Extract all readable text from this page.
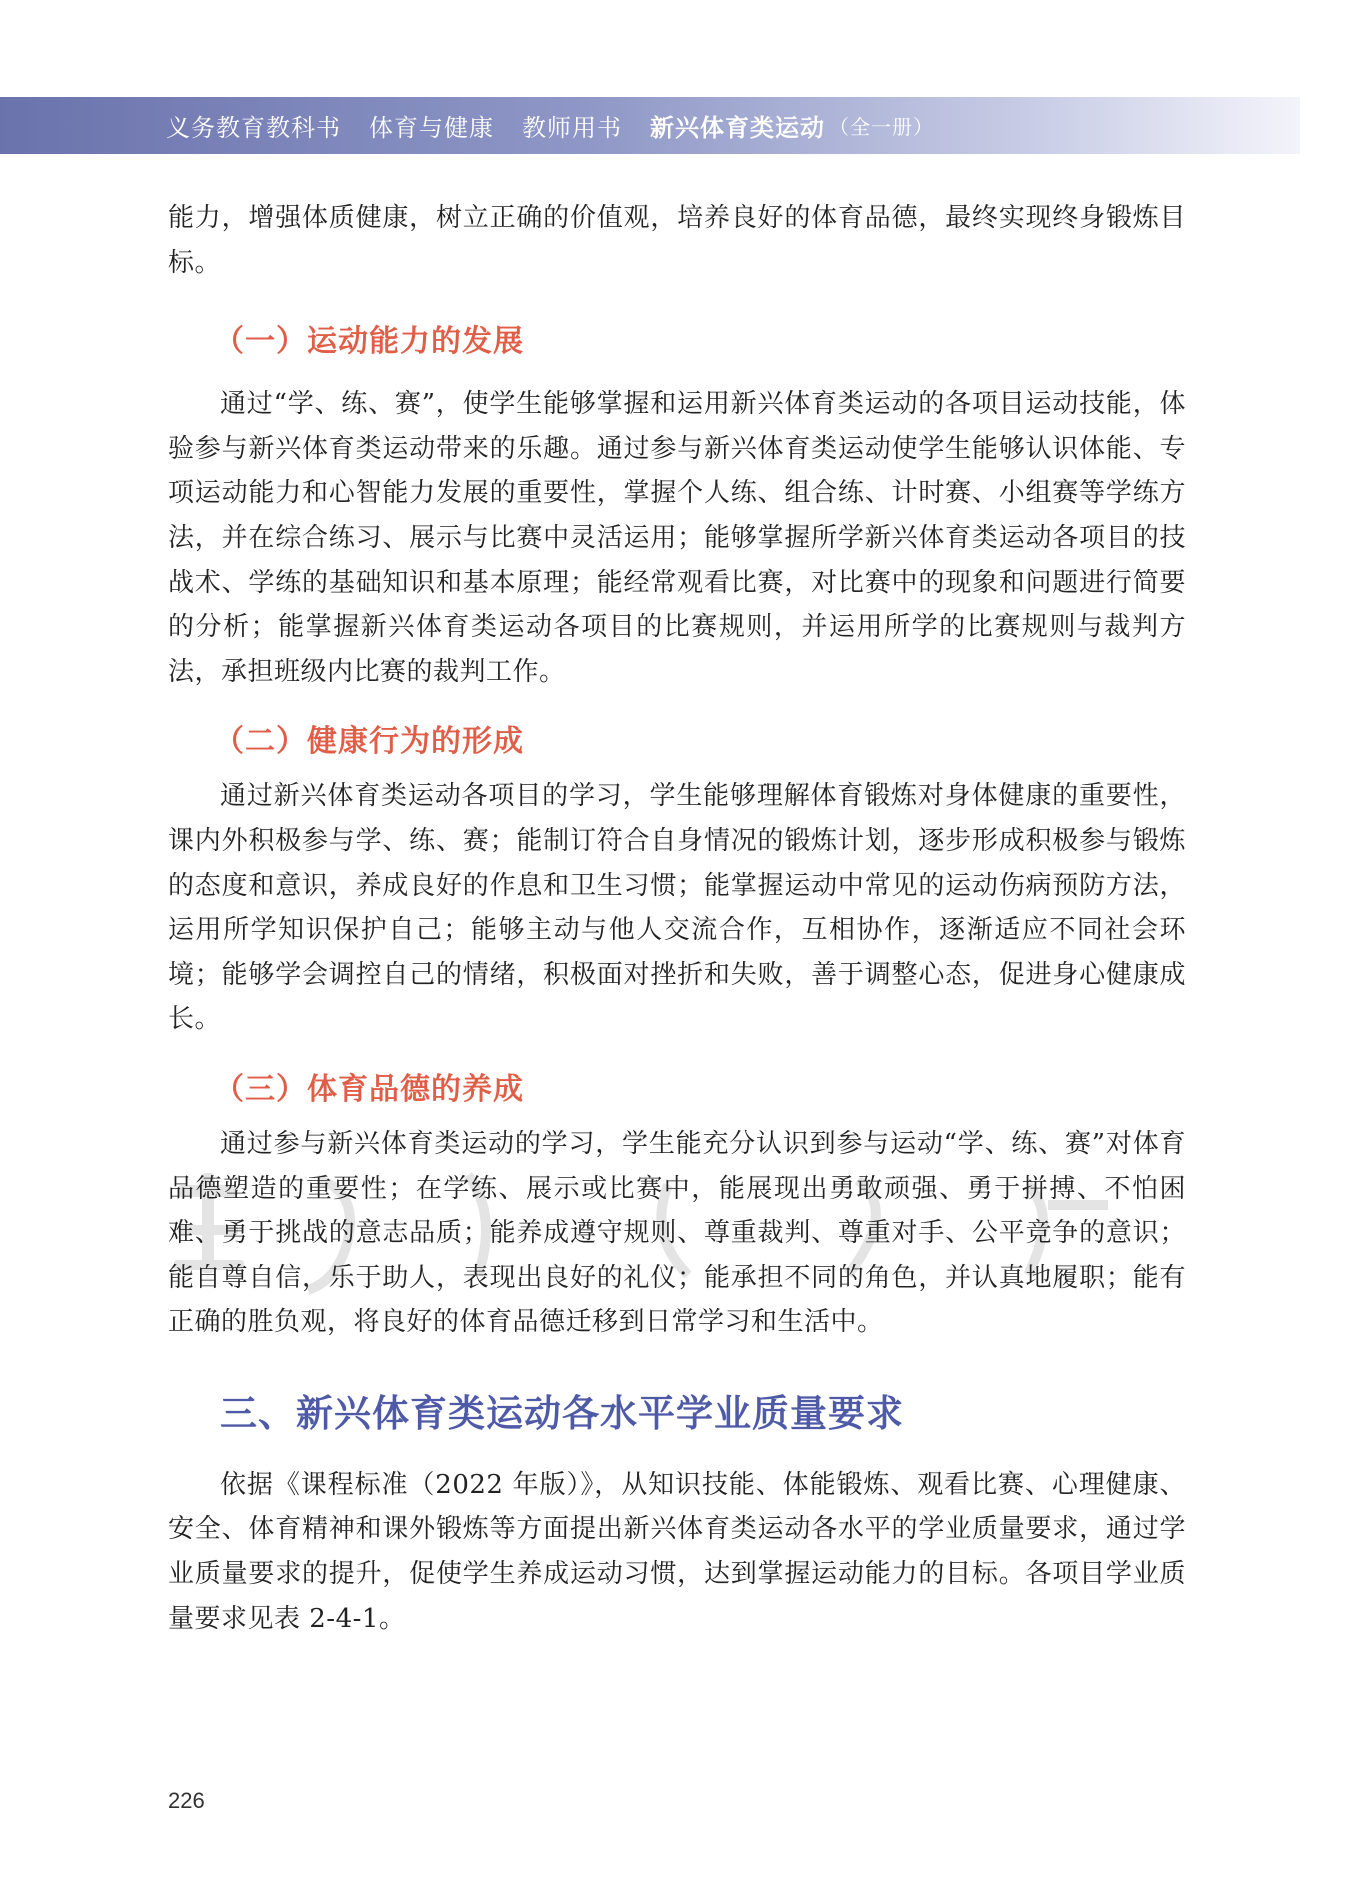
义务教育教科书 体育与健康 教师用书 新兴体育类运动 （全一册）

能力，增强体质健康，树立正确的价值观，培养良好的体育品德，最终实现终身锻炼目标。

（一）运动能力的发展

通过“学、练、赛”，使学生能够掌握和运用新兴体育类运动的各项目运动技能，体验参与新兴体育类运动带来的乐趣。通过参与新兴体育类运动使学生能够认识体能、专项运动能力和心智能力发展的重要性，掌握个人练、组合练、计时赛、小组赛等学练方法，并在综合练习、展示与比赛中灵活运用；能够掌握所学新兴体育类运动各项目的技战术、学练的基础知识和基本原理；能经常观看比赛，对比赛中的现象和问题进行简要的分析；能掌握新兴体育类运动各项目的比赛规则，并运用所学的比赛规则与裁判方法，承担班级内比赛的裁判工作。

（二）健康行为的形成

通过新兴体育类运动各项目的学习，学生能够理解体育锻炼对身体健康的重要性，课内外积极参与学、练、赛；能制订符合自身情况的锻炼计划，逐步形成积极参与锻炼的态度和意识，养成良好的作息和卫生习惯；能掌握运动中常见的运动伤病预防方法，运用所学知识保护自己；能够主动与他人交流合作，互相协作，逐渐适应不同社会环境；能够学会调控自己的情绪，积极面对挫折和失败，善于调整心态，促进身心健康成长。

（三）体育品德的养成

通过参与新兴体育类运动的学习，学生能充分认识到参与运动“学、练、赛”对体育品德塑造的重要性；在学练、展示或比赛中，能展现出勇敢顽强、勇于拼搏、不怕困难、勇于挑战的意志品质；能养成遵守规则、尊重裁判、尊重对手、公平竞争的意识；能自尊自信，乐于助人，表现出良好的礼仪；能承担不同的角色，并认真地履职；能有正确的胜负观，将良好的体育品德迁移到日常学习和生活中。

三、新兴体育类运动各水平学业质量要求

依据《课程标准（2022 年版）》，从知识技能、体能锻炼、观看比赛、心理健康、安全、体育精神和课外锻炼等方面提出新兴体育类运动各水平的学业质量要求，通过学业质量要求的提升，促使学生养成运动习惯，达到掌握运动能力的目标。各项目学业质量要求见表 2-4-1。

226
